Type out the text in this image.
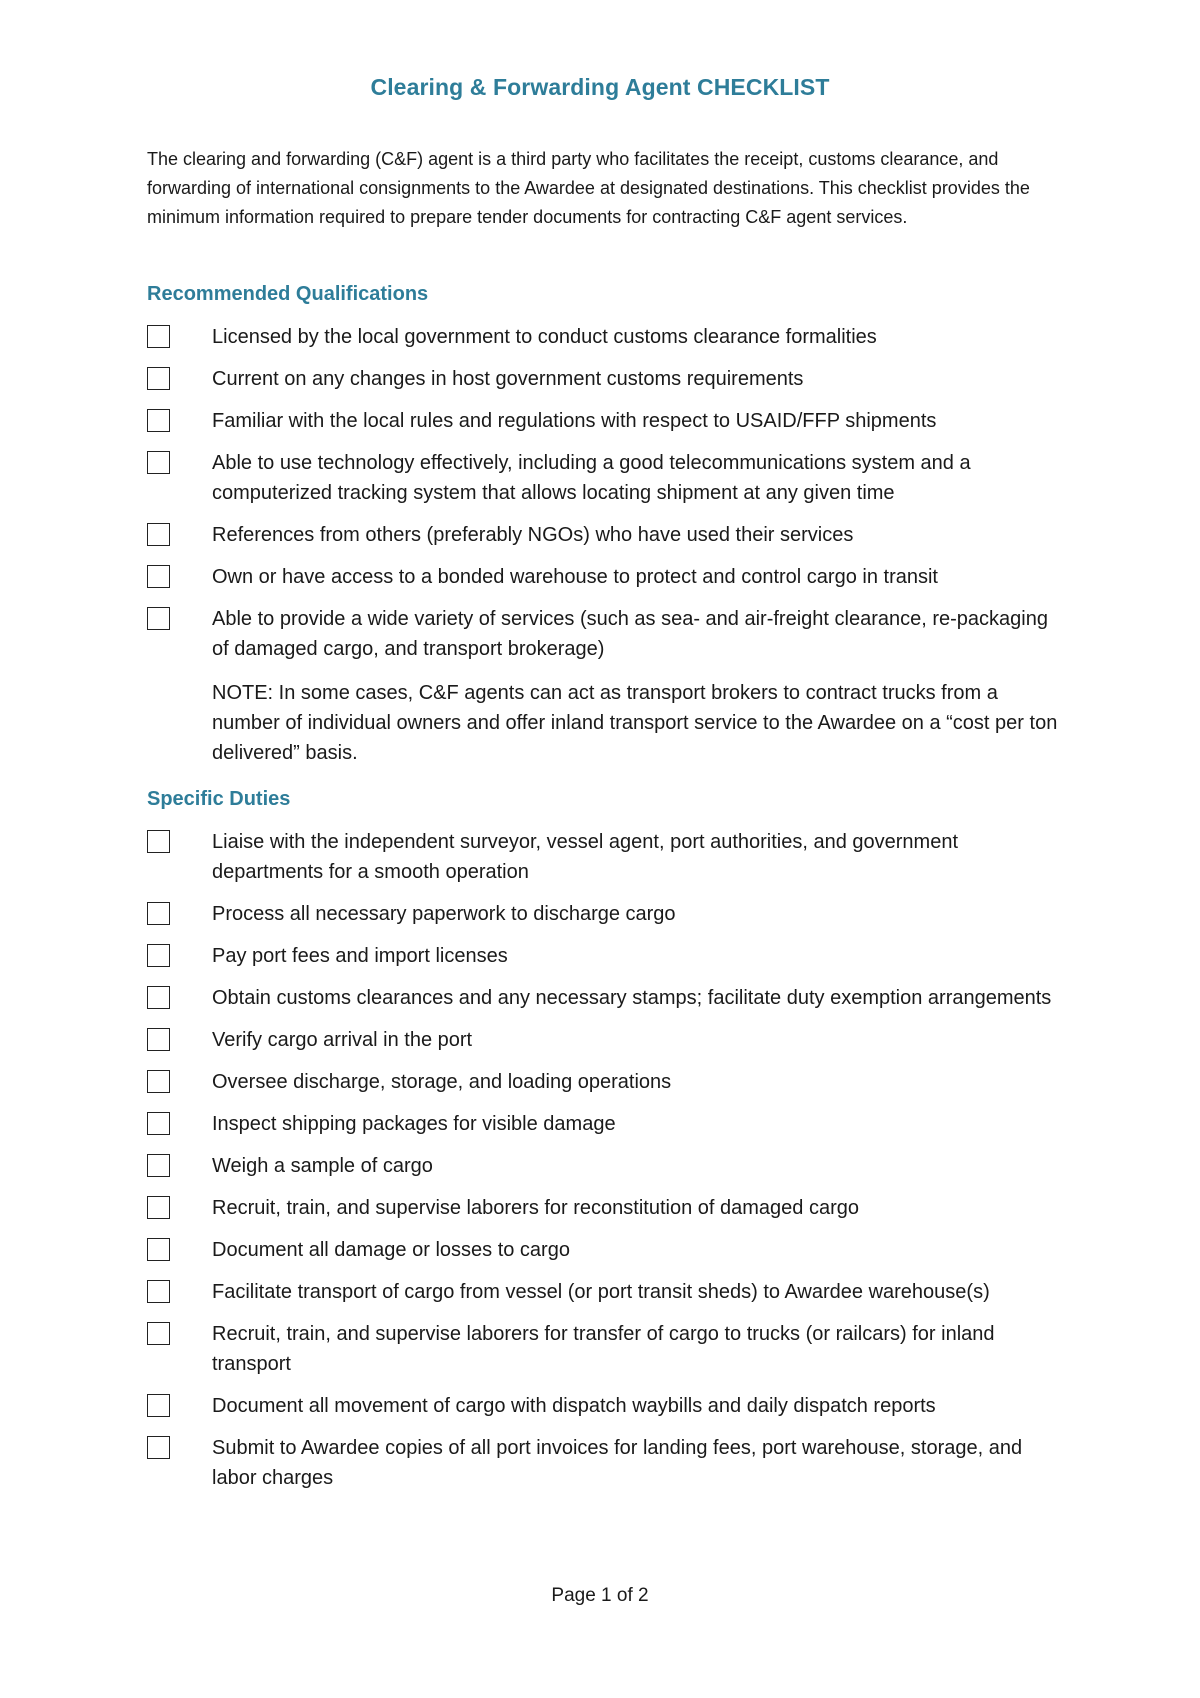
Clearing & Forwarding Agent CHECKLIST
The clearing and forwarding (C&F) agent is a third party who facilitates the receipt, customs clearance, and forwarding of international consignments to the Awardee at designated destinations. This checklist provides the minimum information required to prepare tender documents for contracting C&F agent services.
Recommended Qualifications
Licensed by the local government to conduct customs clearance formalities
Current on any changes in host government customs requirements
Familiar with the local rules and regulations with respect to USAID/FFP shipments
Able to use technology effectively, including a good telecommunications system and a computerized tracking system that allows locating shipment at any given time
References from others (preferably NGOs) who have used their services
Own or have access to a bonded warehouse to protect and control cargo in transit
Able to provide a wide variety of services (such as sea- and air-freight clearance, re-packaging of damaged cargo, and transport brokerage)
NOTE: In some cases, C&F agents can act as transport brokers to contract trucks from a number of individual owners and offer inland transport service to the Awardee on a “cost per ton delivered” basis.
Specific Duties
Liaise with the independent surveyor, vessel agent, port authorities, and government departments for a smooth operation
Process all necessary paperwork to discharge cargo
Pay port fees and import licenses
Obtain customs clearances and any necessary stamps; facilitate duty exemption arrangements
Verify cargo arrival in the port
Oversee discharge, storage, and loading operations
Inspect shipping packages for visible damage
Weigh a sample of cargo
Recruit, train, and supervise laborers for reconstitution of damaged cargo
Document all damage or losses to cargo
Facilitate transport of cargo from vessel (or port transit sheds) to Awardee warehouse(s)
Recruit, train, and supervise laborers for transfer of cargo to trucks (or railcars) for inland transport
Document all movement of cargo with dispatch waybills and daily dispatch reports
Submit to Awardee copies of all port invoices for landing fees, port warehouse, storage, and labor charges
Page 1 of 2
